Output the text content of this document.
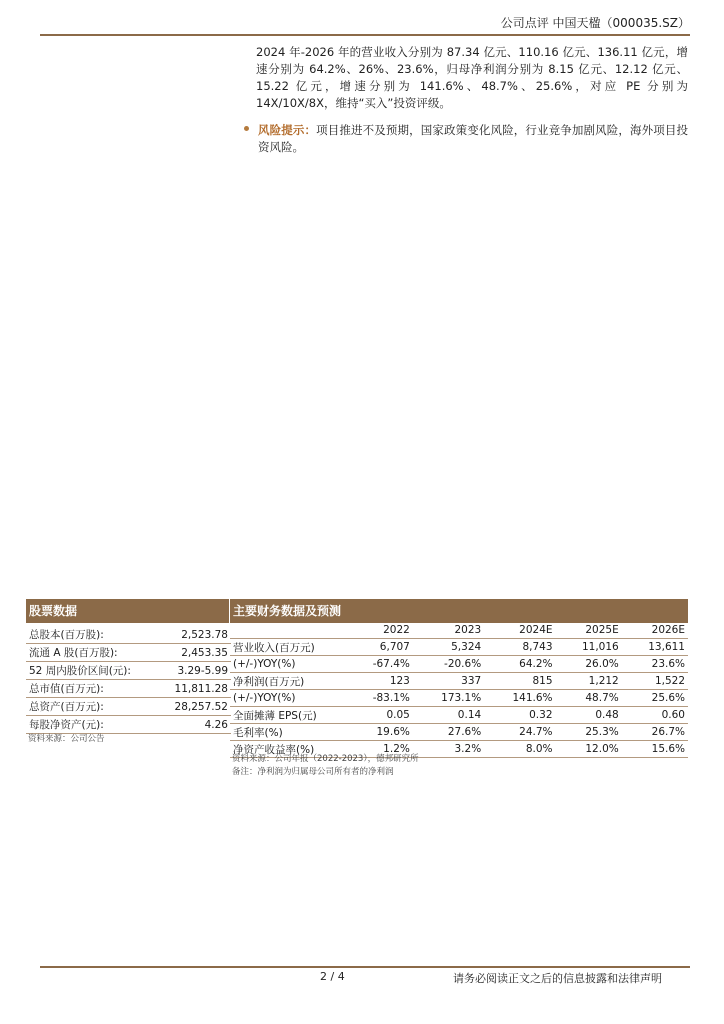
公司点评 中国天楹（000035.SZ）

2024 年-2026 年的营业收入分别为 87.34 亿元、110.16 亿元、136.11 亿元，增速分别为 64.2%、26%、23.6%，归母净利润分别为 8.15 亿元、12.12 亿元、15.22 亿元，增速分别为 141.6%、48.7%、25.6%，对应 PE 分别为 14X/10X/8X，维持“买入”投资评级。

风险提示：项目推进不及预期，国家政策变化风险，行业竞争加剧风险，海外项目投资风险。
股票数据	主要财务数据及预测
总股本(百万股):	2,523.78
流通 A 股(百万股):	2,453.35
52 周内股价区间(元):	3.29-5.99
总市值(百万元):	11,811.28
总资产(百万元):	28,257.52
每股净资产(元):	4.26
	2022	2023	2024E	2025E	2026E
营业收入(百万元)	6,707	5,324	8,743	11,016	13,611
(+/-)YOY(%)	-67.4%	-20.6%	64.2%	26.0%	23.6%
净利润(百万元)	123	337	815	1,212	1,522
(+/-)YOY(%)	-83.1%	173.1%	141.6%	48.7%	25.6%
全面摊薄 EPS(元)	0.05	0.14	0.32	0.48	0.60
毛利率(%)	19.6%	27.6%	24.7%	25.3%	26.7%
净资产收益率(%)	1.2%	3.2%	8.0%	12.0%	15.6%
资料来源：公司公告
资料来源：公司年报（2022-2023），德邦研究所
备注：净利润为归属母公司所有者的净利润
2 / 4	请务必阅读正文之后的信息披露和法律声明
